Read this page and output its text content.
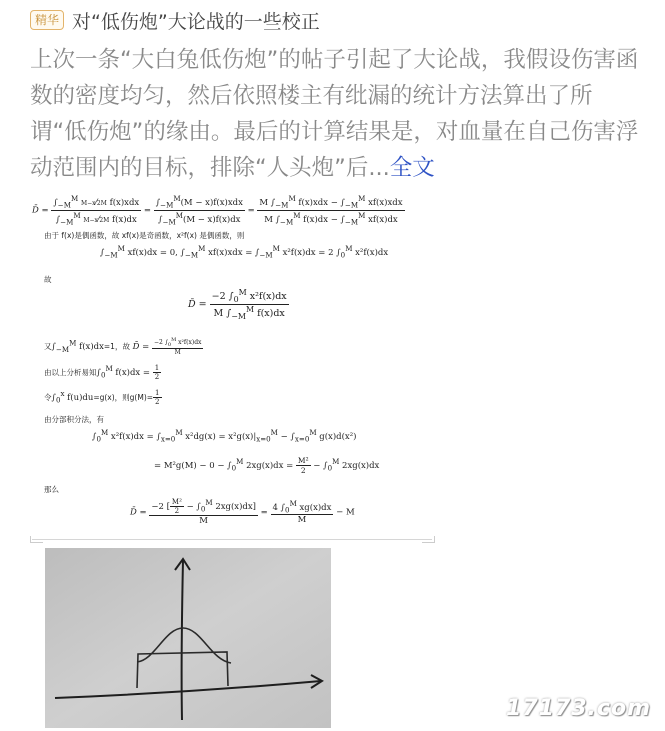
精华 对“低伤炮”大论战的一些校正

上次一条“大白兔低伤炮”的帖子引起了大论战，我假设伤害函数的密度均匀，然后依照楼主有纰漏的统计方法算出了所谓“低伤炮”的缘由。最后的计算结果是，对血量在自己伤害浮动范围内的目标，排除“人头炮”后...全文

D̄ = $\frac{\int_{-M}^M M-x⁄2M f(x)xdx}{\int_{-M}^M M-x⁄2M f(x)dx} = \frac{\int_{-M}^M(M - x)f(x)xdx}{\int_{-M}^M(M - x)f(x)dx} = \frac{M \int_{-M}^M f(x)xdx - \int_{-M}^M xf(x)xdx}{M \int_{-M}^M f(x)dx - \int_{-M}^M xf(x)dx}$
由于 f(x)是偶函数，故 xf(x)是奇函数，x²f(x) 是偶函数，则
$\int_{-M}^M$ xf(x)dx = 0, $\int_{-M}^M$ $xf(x)xdx = \int_{-M}^M$ x²f(x)dx = 2 $\int_0^M$ x²f(x)dx
故
D̄ = $\frac{-2 \int_0^M x^2f(x)dx}{M \int_{-M}^M f(x)dx}$
又$\int_{-M}^M$ f(x)dx=1，故 D̄ = $\frac{-2 \int_0^M x^2f(x)dx}{M}$
由以上分析易知$\int_0^M$ $f(x)dx = \frac{1}{2}$
令$\int_0^x$ f(u)du=g(x)，则$g(M)= \frac{1}{2}$
由分部积分法，有
$\int_0^M$ $x^2f(x)dx = \int_{x=0}^M$ $x^2dg(x) = x^2g(x)|_{x=0}^M - \int_{x=0}^M$ g(x)d(x²)
= $M^2g(M) - 0 - \int_0^M$ $2xg(x)dx = \frac{\text{M²}}{2} - \int_0^M$ 2xg(x)dx
那么
D̄ = $\frac{-2 [ \frac{\text{M²}}{2} - \int_0^M 2xg(x)dx]}{M} = \frac{4 \int_0^M xg(x)dx}{M} - M$
17173.com
